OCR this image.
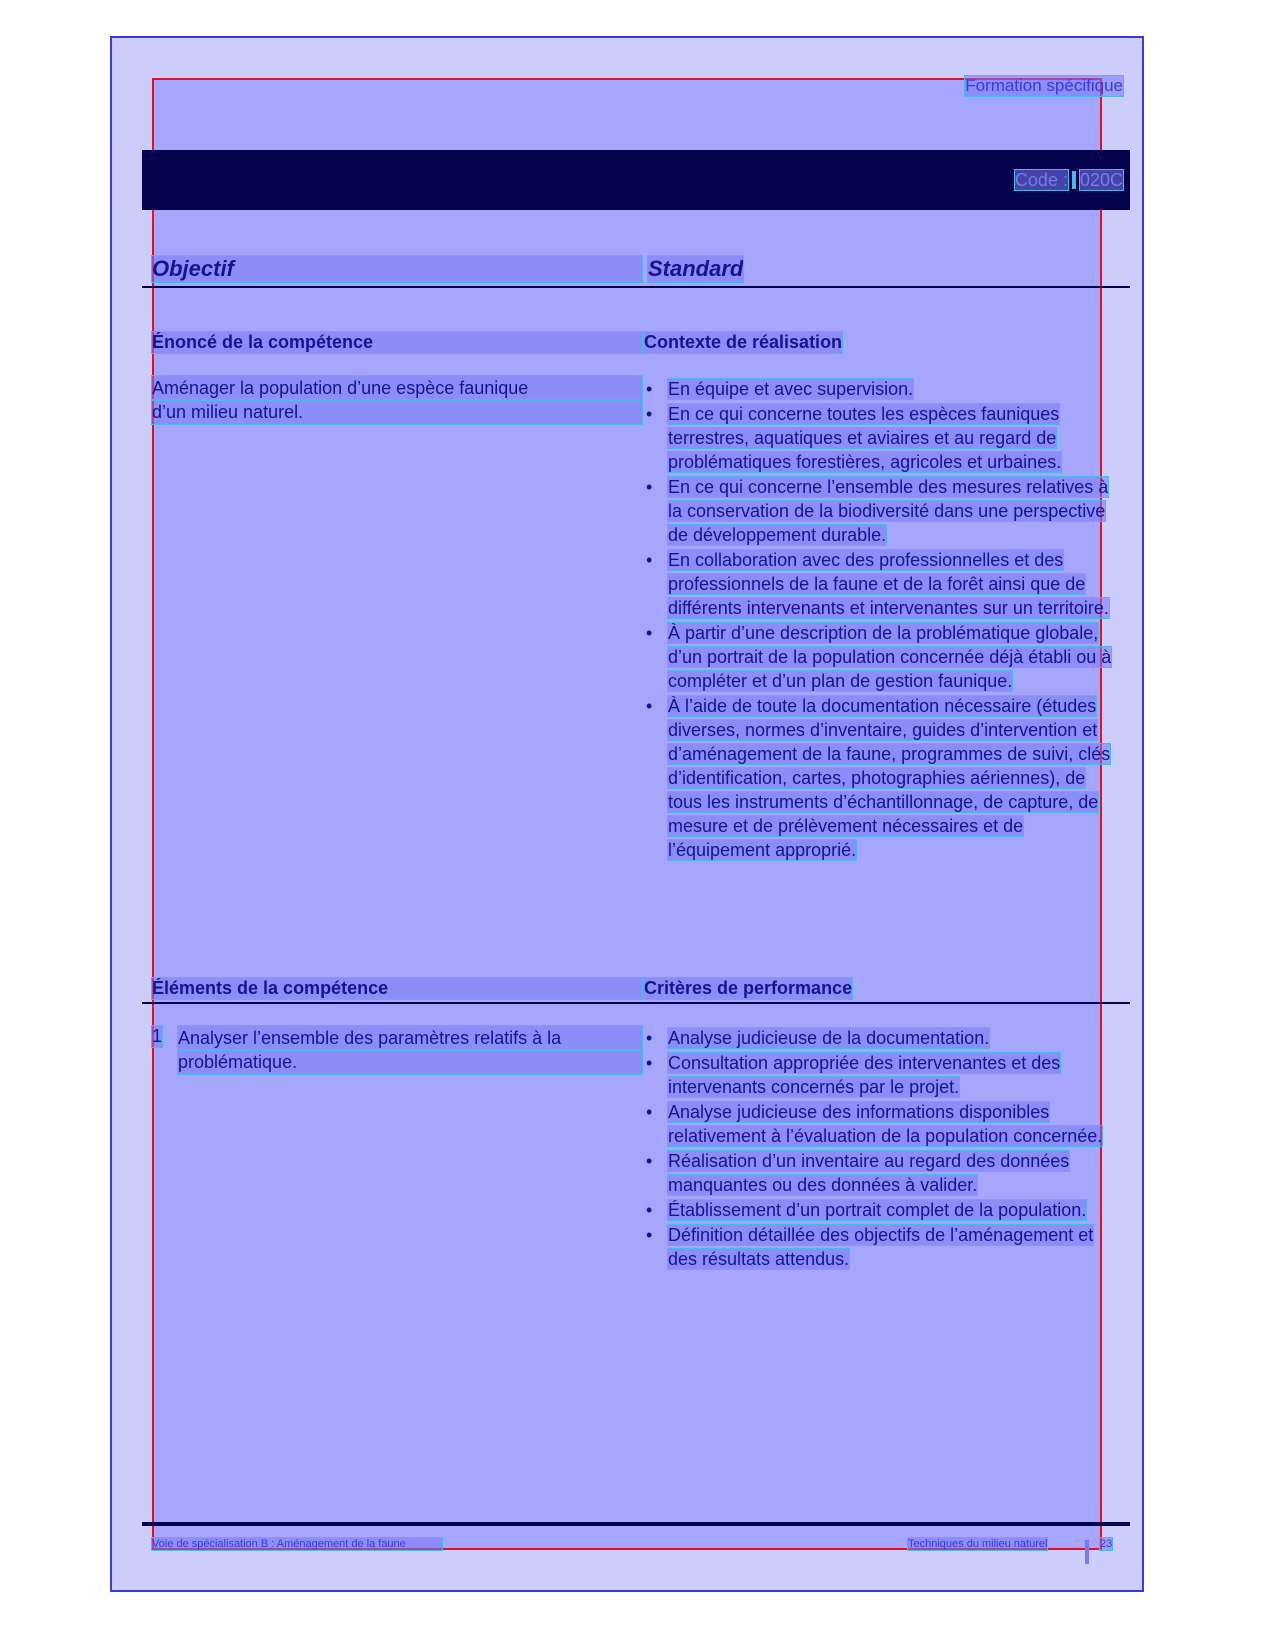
Formation spécifique
Code : 020C
Objectif	Standard
Énoncé de la compétence	Contexte de réalisation
Aménager la population d’une espèce faunique
d’un milieu naturel.
• En équipe et avec supervision.
• En ce qui concerne toutes les espèces fauniques terrestres, aquatiques et aviaires et au regard de problématiques forestières, agricoles et urbaines.
• En ce qui concerne l’ensemble des mesures relatives à la conservation de la biodiversité dans une perspective de développement durable.
• En collaboration avec des professionnelles et des professionnels de la faune et de la forêt ainsi que de différents intervenants et intervenantes sur un territoire.
• À partir d’une description de la problématique globale, d’un portrait de la population concernée déjà établi ou à compléter et d’un plan de gestion faunique.
• À l’aide de toute la documentation nécessaire (études diverses, normes d’inventaire, guides d’intervention et d’aménagement de la faune, programmes de suivi, clés d’identification, cartes, photographies aériennes), de tous les instruments d’échantillonnage, de capture, de mesure et de prélèvement nécessaires et de l’équipement approprié.
Éléments de la compétence	Critères de performance
1 Analyser l’ensemble des paramètres relatifs à la
problématique.
• Analyse judicieuse de la documentation.
• Consultation appropriée des intervenantes et des intervenants concernés par le projet.
• Analyse judicieuse des informations disponibles relativement à l’évaluation de la population concernée.
• Réalisation d’un inventaire au regard des données manquantes ou des données à valider.
• Établissement d’un portrait complet de la population.
• Définition détaillée des objectifs de l’aménagement et des résultats attendus.
Voie de spécialisation B : Aménagement de la faune	Techniques du milieu naturel	23
